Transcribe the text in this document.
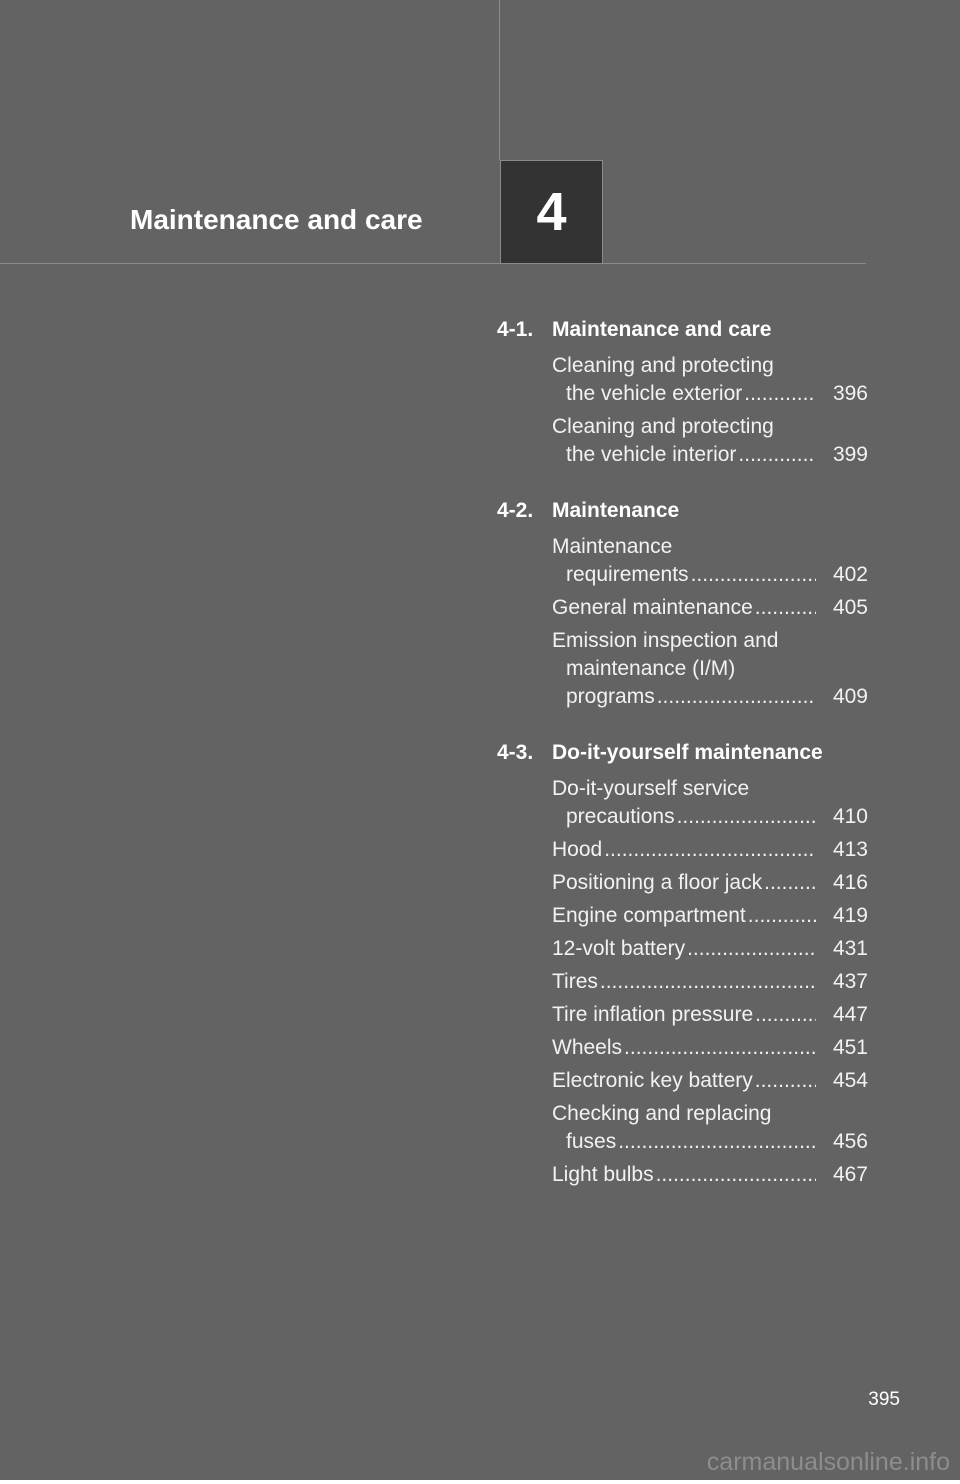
Maintenance and care 4
4-1. Maintenance and care
Cleaning and protecting
the vehicle exterior .....	396
Cleaning and protecting
the vehicle interior .....	399
4-2. Maintenance
Maintenance
requirements .....	402
General maintenance .....	405
Emission inspection and
maintenance (I/M)
programs .....	409
4-3. Do-it-yourself maintenance
Do-it-yourself service
precautions .....	410
Hood .....	413
Positioning a floor jack .....	416
Engine compartment .....	419
12-volt battery .....	431
Tires .....	437
Tire inflation pressure .....	447
Wheels .....	451
Electronic key battery .....	454
Checking and replacing
fuses .....	456
Light bulbs .....	467
395
carmanualsonline.info
